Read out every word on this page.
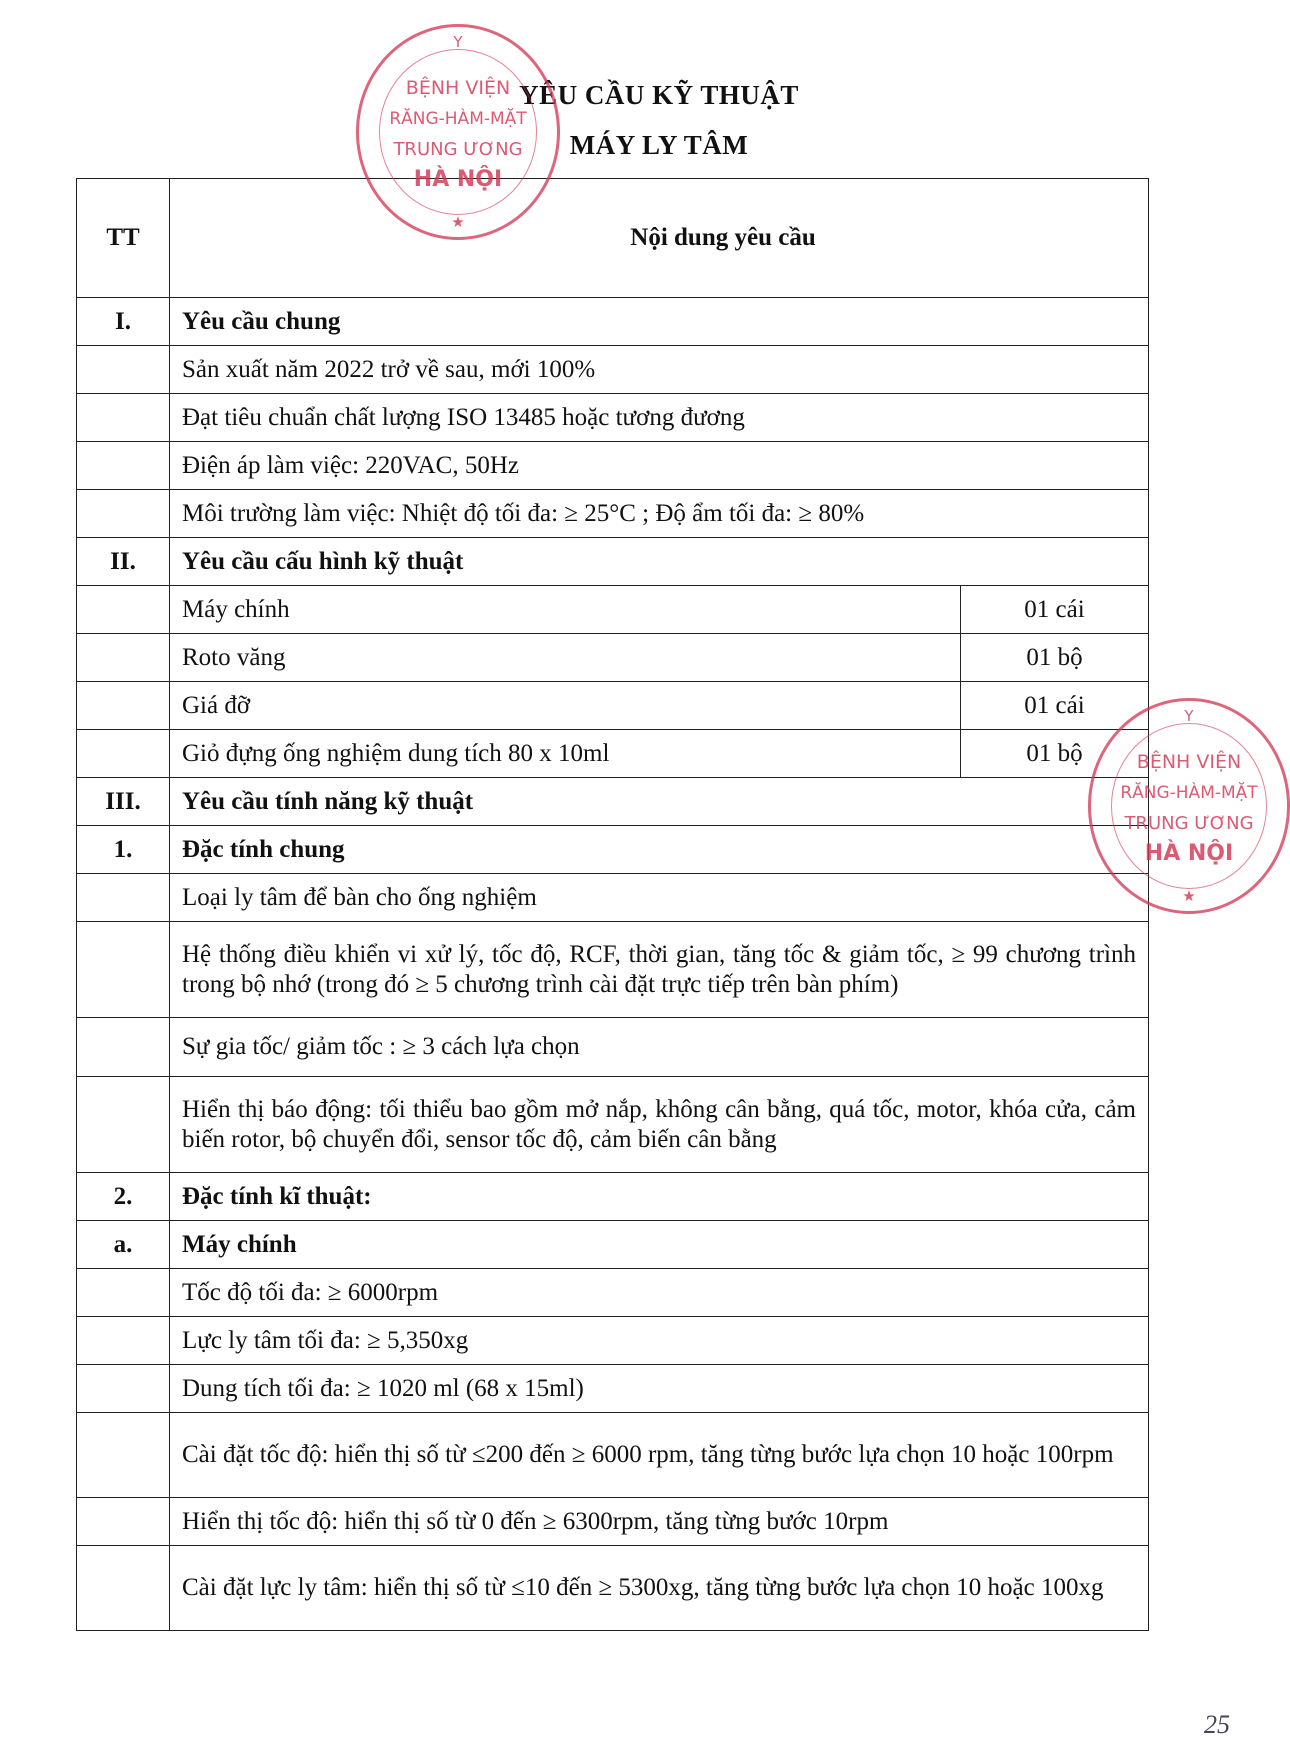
YÊU CẦU KỸ THUẬT
MÁY LY TÂM
TT	Nội dung yêu cầu	
I.	Yêu cầu chung	
	Sản xuất năm 2022 trở về sau, mới 100%	
	Đạt tiêu chuẩn chất lượng ISO 13485 hoặc tương đương	
	Điện áp làm việc: 220VAC, 50Hz	
	Môi trường làm việc: Nhiệt độ tối đa: ≥ 25°C ; Độ ẩm tối đa: ≥ 80%	
II.	Yêu cầu cấu hình kỹ thuật	
	Máy chính	01 cái
	Roto văng	01 bộ
	Giá đỡ	01 cái
	Giỏ đựng ống nghiệm dung tích 80 x 10ml	01 bộ
III.	Yêu cầu tính năng kỹ thuật	
1.	Đặc tính chung	
	Loại ly tâm để bàn cho ống nghiệm	
	Hệ thống điều khiển vi xử lý, tốc độ, RCF, thời gian, tăng tốc & giảm tốc, ≥ 99 chương trình trong bộ nhớ (trong đó ≥ 5 chương trình cài đặt trực tiếp trên bàn phím)	
	Sự gia tốc/ giảm tốc : ≥ 3 cách lựa chọn	
	Hiển thị báo động: tối thiểu bao gồm mở nắp, không cân bằng, quá tốc, motor, khóa cửa, cảm biến rotor, bộ chuyển đổi, sensor tốc độ, cảm biến cân bằng	
2.	Đặc tính kĩ thuật:	
a.	Máy chính	
	Tốc độ tối đa: ≥ 6000rpm	
	Lực ly tâm tối đa: ≥ 5,350xg	
	Dung tích tối đa: ≥ 1020 ml (68 x 15ml)	
	Cài đặt tốc độ: hiển thị số từ ≤200 đến ≥ 6000 rpm, tăng từng bước lựa chọn 10 hoặc 100rpm	
	Hiển thị tốc độ: hiển thị số từ 0 đến ≥ 6300rpm, tăng từng bước 10rpm	
	Cài đặt lực ly tâm: hiển thị số từ ≤10 đến ≥ 5300xg, tăng từng bước lựa chọn 10 hoặc 100xg	
Y
BỆNH VIỆN
RĂNG-HÀM-MẶT
TRUNG ƯƠNG
HÀ NỘI
★
Y
BỆNH VIỆN
RĂNG-HÀM-MẶT
TRUNG ƯƠNG
HÀ NỘI
★
25
